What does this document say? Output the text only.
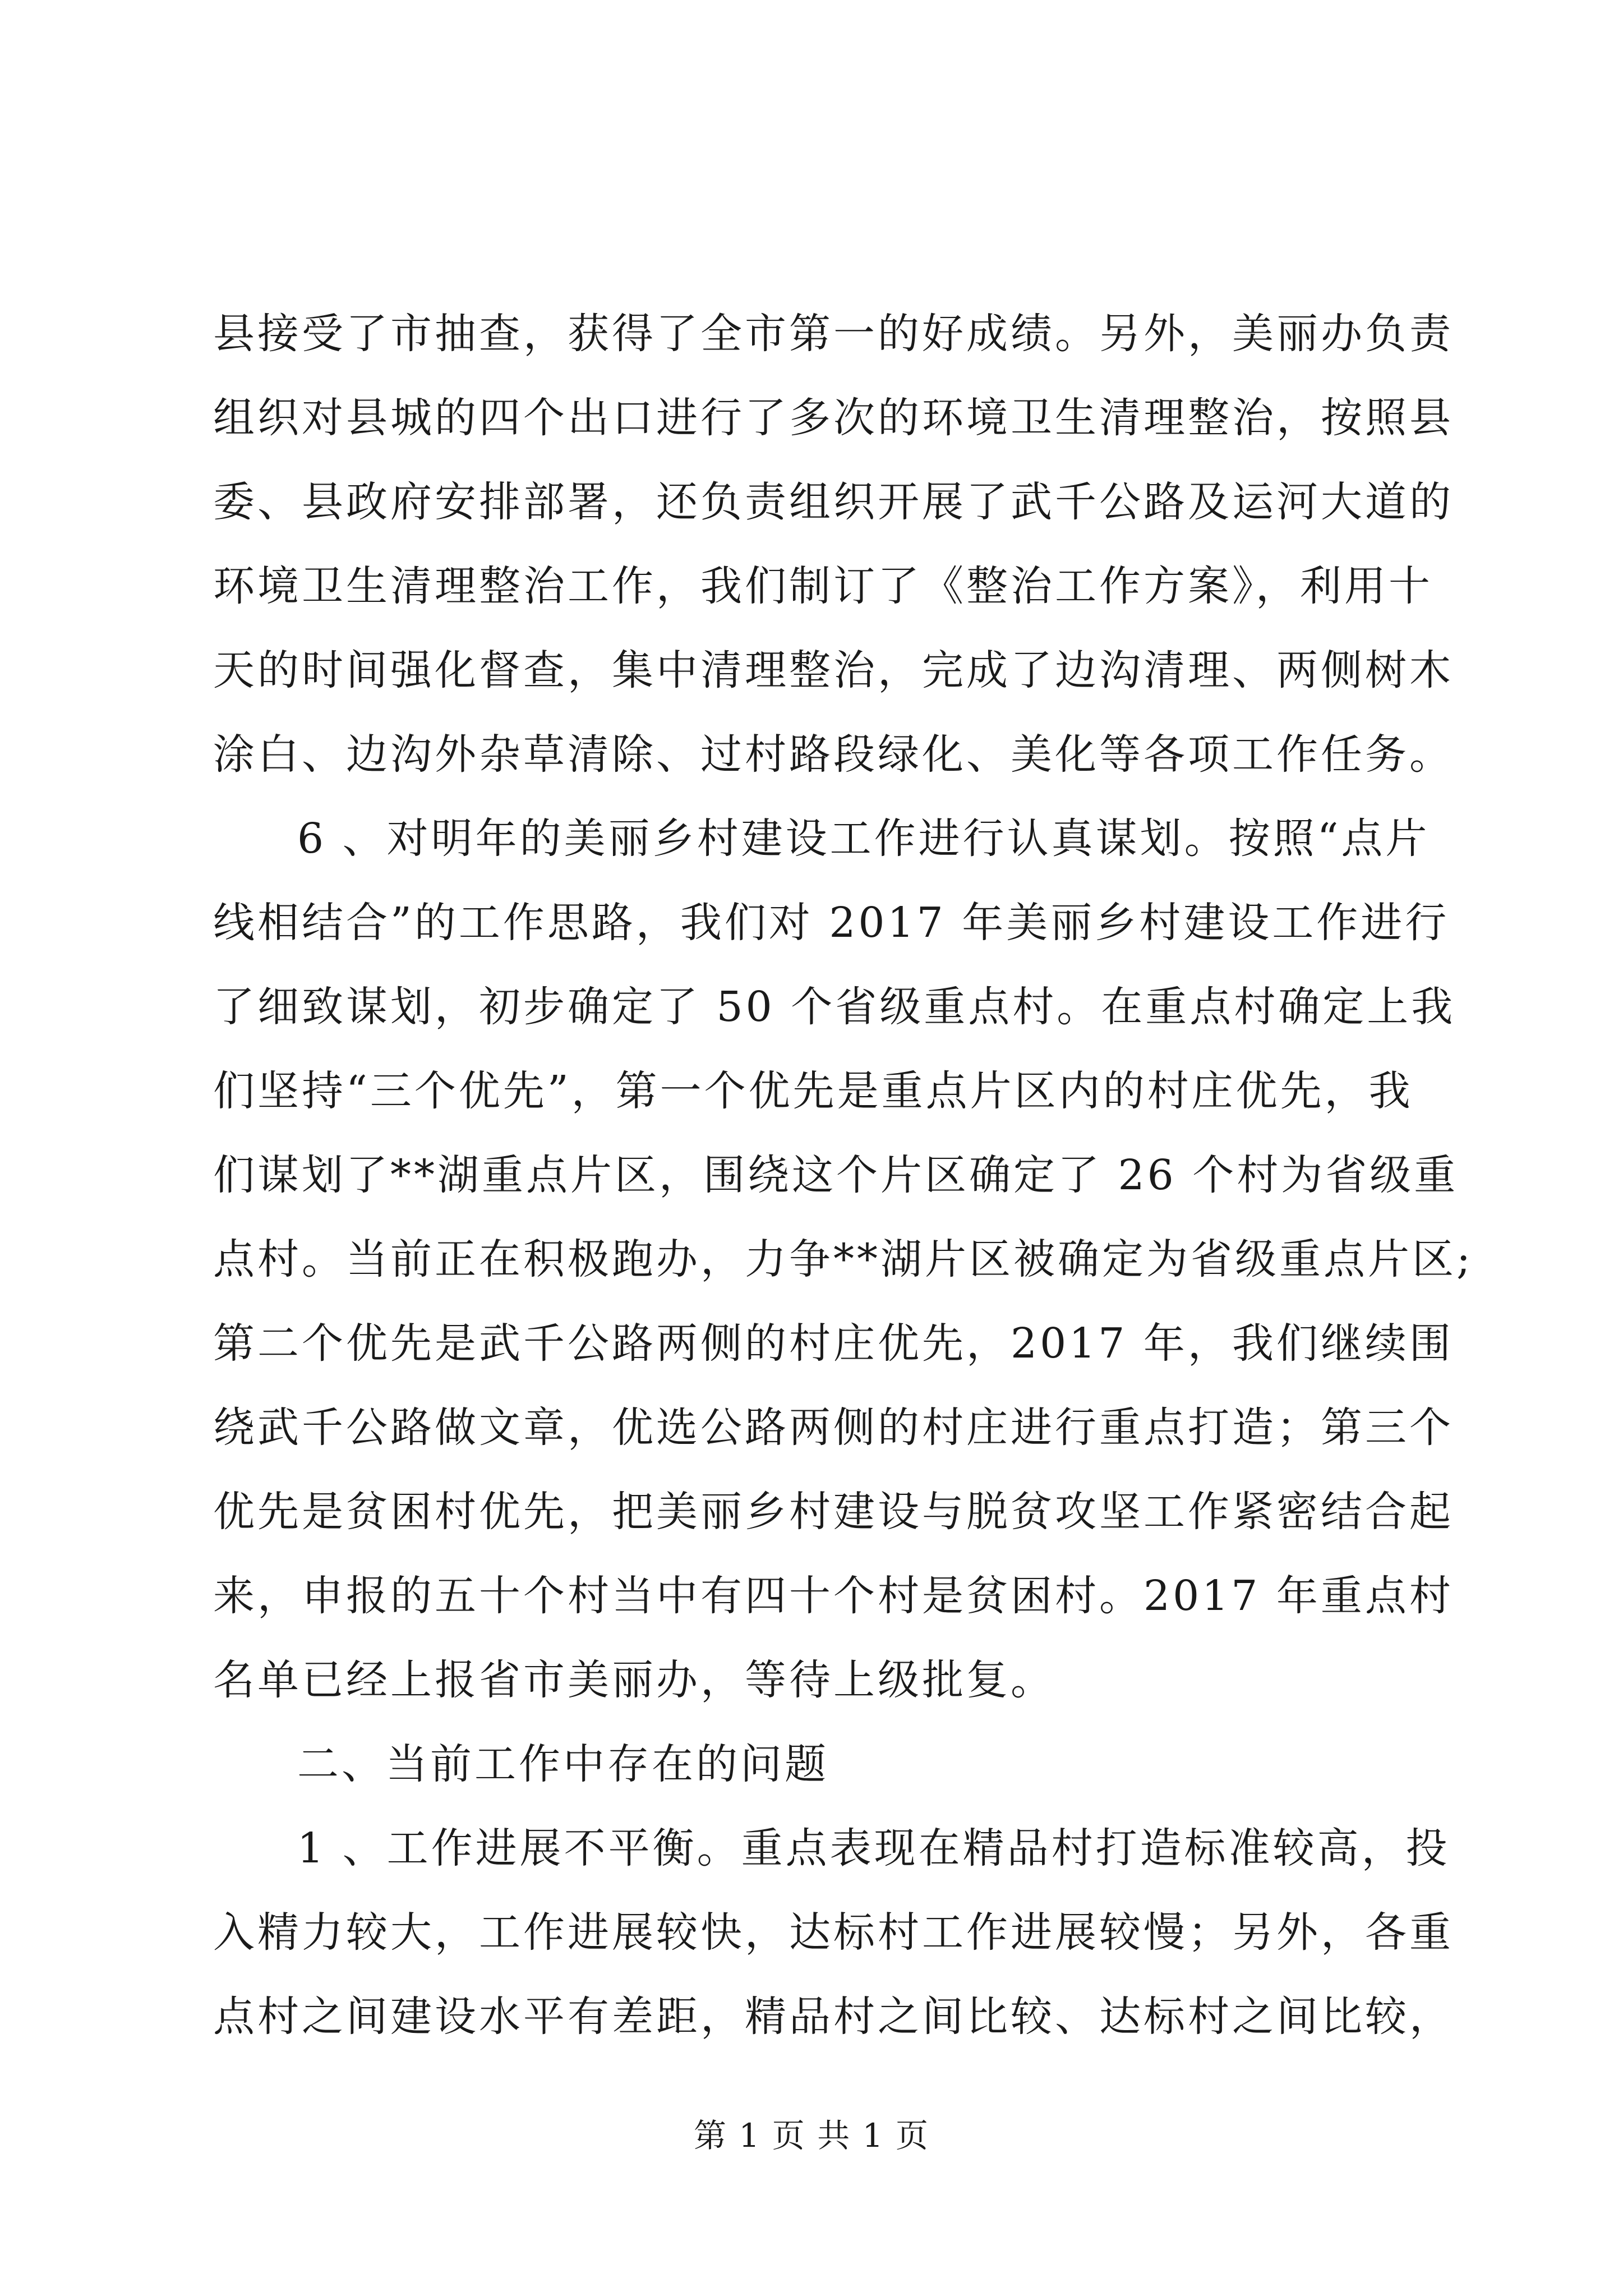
县接受了市抽查，获得了全市第一的好成绩。另外，美丽办负责
组织对县城的四个出口进行了多次的环境卫生清理整治，按照县
委、县政府安排部署，还负责组织开展了武千公路及运河大道的
环境卫生清理整治工作，我们制订了《整治工作方案》，利用十
天的时间强化督查，集中清理整治，完成了边沟清理、两侧树木
涂白、边沟外杂草清除、过村路段绿化、美化等各项工作任务。
6 、对明年的美丽乡村建设工作进行认真谋划。按照“点片
线相结合”的工作思路，我们对 2017 年美丽乡村建设工作进行
了细致谋划，初步确定了 50 个省级重点村。在重点村确定上我
们坚持“三个优先”，第一个优先是重点片区内的村庄优先，我
们谋划了**湖重点片区，围绕这个片区确定了 26 个村为省级重
点村。当前正在积极跑办，力争**湖片区被确定为省级重点片区;
第二个优先是武千公路两侧的村庄优先，2017 年，我们继续围
绕武千公路做文章，优选公路两侧的村庄进行重点打造；第三个
优先是贫困村优先，把美丽乡村建设与脱贫攻坚工作紧密结合起
来，申报的五十个村当中有四十个村是贫困村。2017 年重点村
名单已经上报省市美丽办，等待上级批复。
二、当前工作中存在的问题
1 、工作进展不平衡。重点表现在精品村打造标准较高，投
入精力较大，工作进展较快，达标村工作进展较慢；另外，各重
点村之间建设水平有差距，精品村之间比较、达标村之间比较，
第 1 页 共 1 页
